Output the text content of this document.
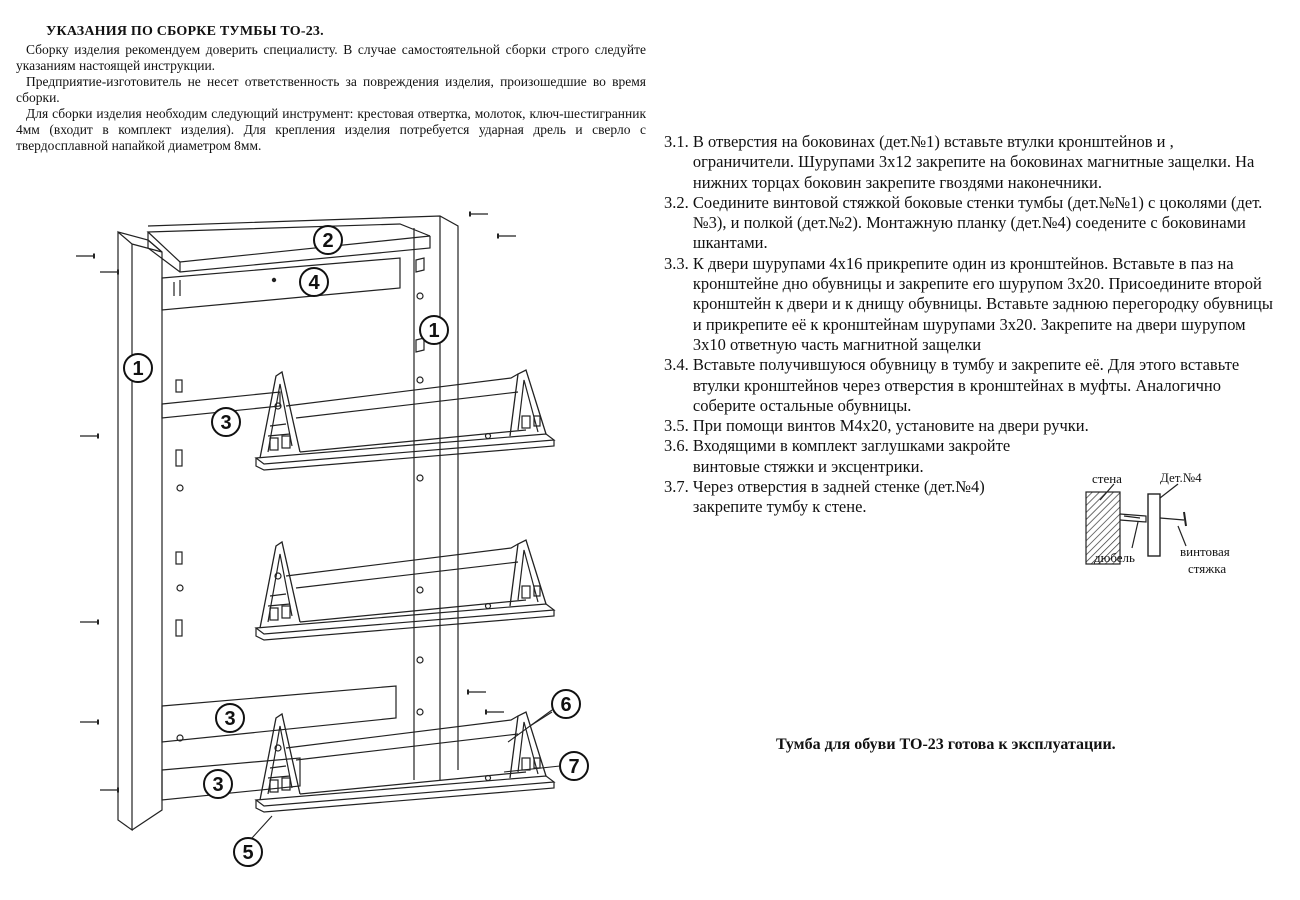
УКАЗАНИЯ ПО СБОРКЕ ТУМБЫ ТО-23.

Сборку изделия рекомендуем доверить специалисту. В случае самостоятельной сборки строго следуйте указаниям настоящей инструкции.

Предприятие-изготовитель не несет ответственность за повреждения изделия, произошедшие во время сборки.

Для сборки изделия необходим следующий инструмент: крестовая отвертка, молоток, ключ-шестигранник 4мм (входит в комплект изделия). Для крепления изделия потребуется ударная дрель и сверло с твердосплавной напайкой диаметром 8мм.	3.1. В отверстия на боковинах (дет.№1) вставьте втулки кронштейнов и , ограничители. Шурупами 3х12 закрепите на боковинах магнитные защелки. На нижних торцах боковин закрепите гвоздями наконечники.
3.2. Соедините винтовой стяжкой боковые стенки тумбы (дет.№№1) с цоколями (дет.№3), и полкой (дет.№2). Монтажную планку (дет.№4) соедените с боковинами шкантами.
3.3. К двери шурупами 4х16 прикрепите один из кронштейнов. Вставьте в паз на кронштейне дно обувницы и закрепите его шурупом 3х20. Присоедините второй кронштейн к двери и к днищу обувницы. Вставьте заднюю перегородку обувницы и прикрепите её к кронштейнам шурупами 3х20. Закрепите на двери шурупом 3х10 ответную часть магнитной защелки
3.4. Вставьте получившуюся обувницу в тумбу и закрепите её. Для этого вставьте втулки кронштейнов через отверстия в кронштейнах в муфты. Аналогично соберите остальные обувницы.
3.5. При помощи винтов М4х20, установите на двери ручки.
3.6. Входящими в комплект заглушками закройте винтовые стяжки и эксцентрики.
3.7. Через отверстия в задней стенке (дет.№4) закрепите тумбу к стене.
Тумба для обуви ТО-23 готова к эксплуатации.
1
1
2
4
3
3
3
5
6
7
стена	Дет.№4
дюбель	винтовая
стяжка
